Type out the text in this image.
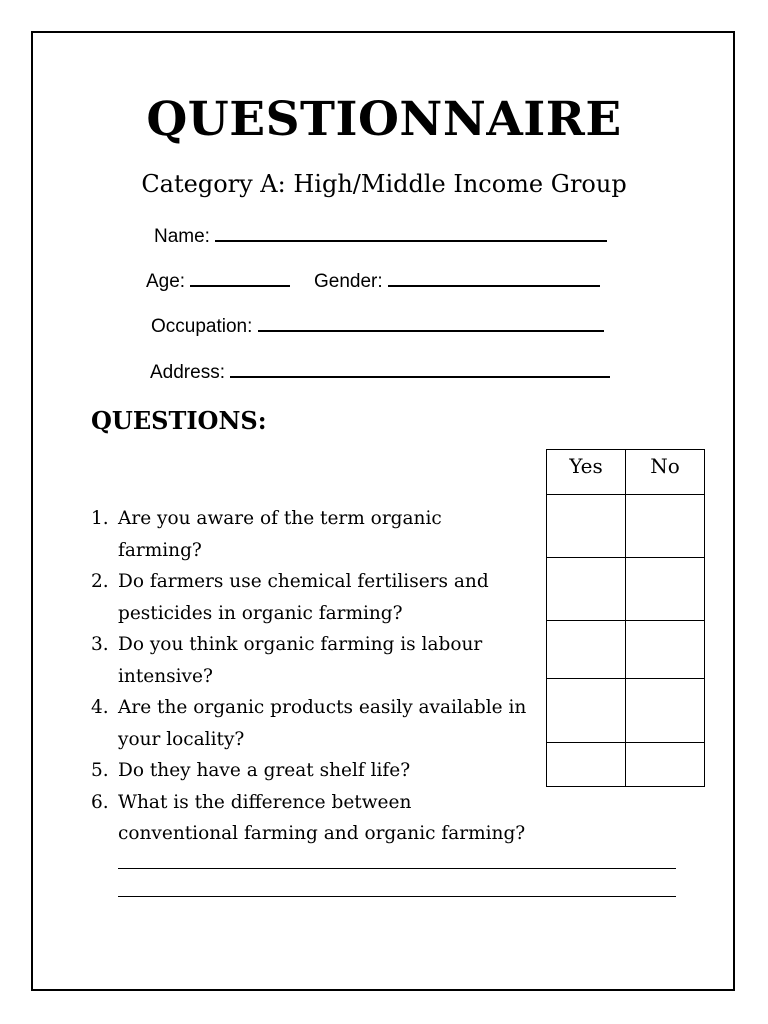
QUESTIONNAIRE
Category A: High/Middle Income Group
Name:
Age:	Gender:
Occupation:
Address:
QUESTIONS:
Yes	No

1. Are you aware of the term organic farming?
2. Do farmers use chemical fertilisers and pesticides in organic farming?
3. Do you think organic farming is labour intensive?
4. Are the organic products easily available in your locality?
5. Do they have a great shelf life?
6. What is the difference between conventional farming and organic farming?
